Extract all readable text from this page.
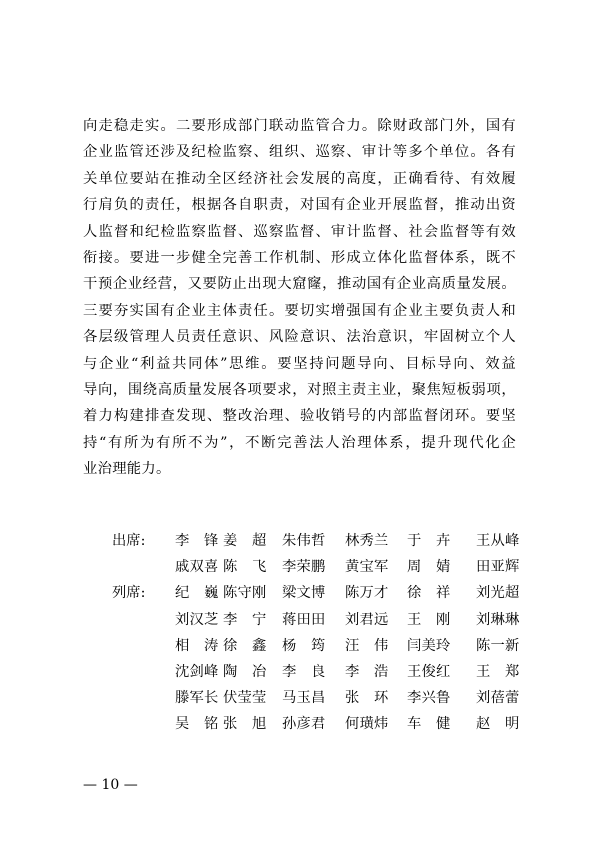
向走稳走实。二要形成部门联动监管合力。除财政部门外，国有
企业监管还涉及纪检监察、组织、巡察、审计等多个单位。各有
关单位要站在推动全区经济社会发展的高度，正确看待、有效履
行肩负的责任，根据各自职责，对国有企业开展监督，推动出资
人监督和纪检监察监督、巡察监督、审计监督、社会监督等有效
衔接。要进一步健全完善工作机制、形成立体化监督体系，既不
干预企业经营，又要防止出现大窟窿，推动国有企业高质量发展。
三要夯实国有企业主体责任。要切实增强国有企业主要负责人和
各层级管理人员责任意识、风险意识、法治意识，牢固树立个人
与企业“利益共同体”思维。要坚持问题导向、目标导向、效益
导向，围绕高质量发展各项要求，对照主责主业，聚焦短板弱项，
着力构建排查发现、整改治理、验收销号的内部监督闭环。要坚
持“有所为有所不为”，不断完善法人治理体系，提升现代化企
业治理能力。

出席:	李　锋 姜　超	朱伟哲	林秀兰	于　卉	王从峰
戚双喜 陈　飞	李荣鹏	黄宝军	周　婧	田亚辉
列席:	纪　巍 陈守刚	梁文博	陈万才	徐　祥	刘光超
刘汉芝 李　宁	蒋田田	刘君远	王　刚	刘琳琳
相　涛 徐　鑫	杨　筠	汪　伟	闫美玲	陈一新
沈剑峰 陶　冶	李　良	李　浩	王俊红	王　郑
滕军长 伏莹莹	马玉昌	张　环	李兴鲁	刘蓓蕾
吴　铭 张　旭	孙彦君	何璜炜	车　健	赵　明
— 10 —
